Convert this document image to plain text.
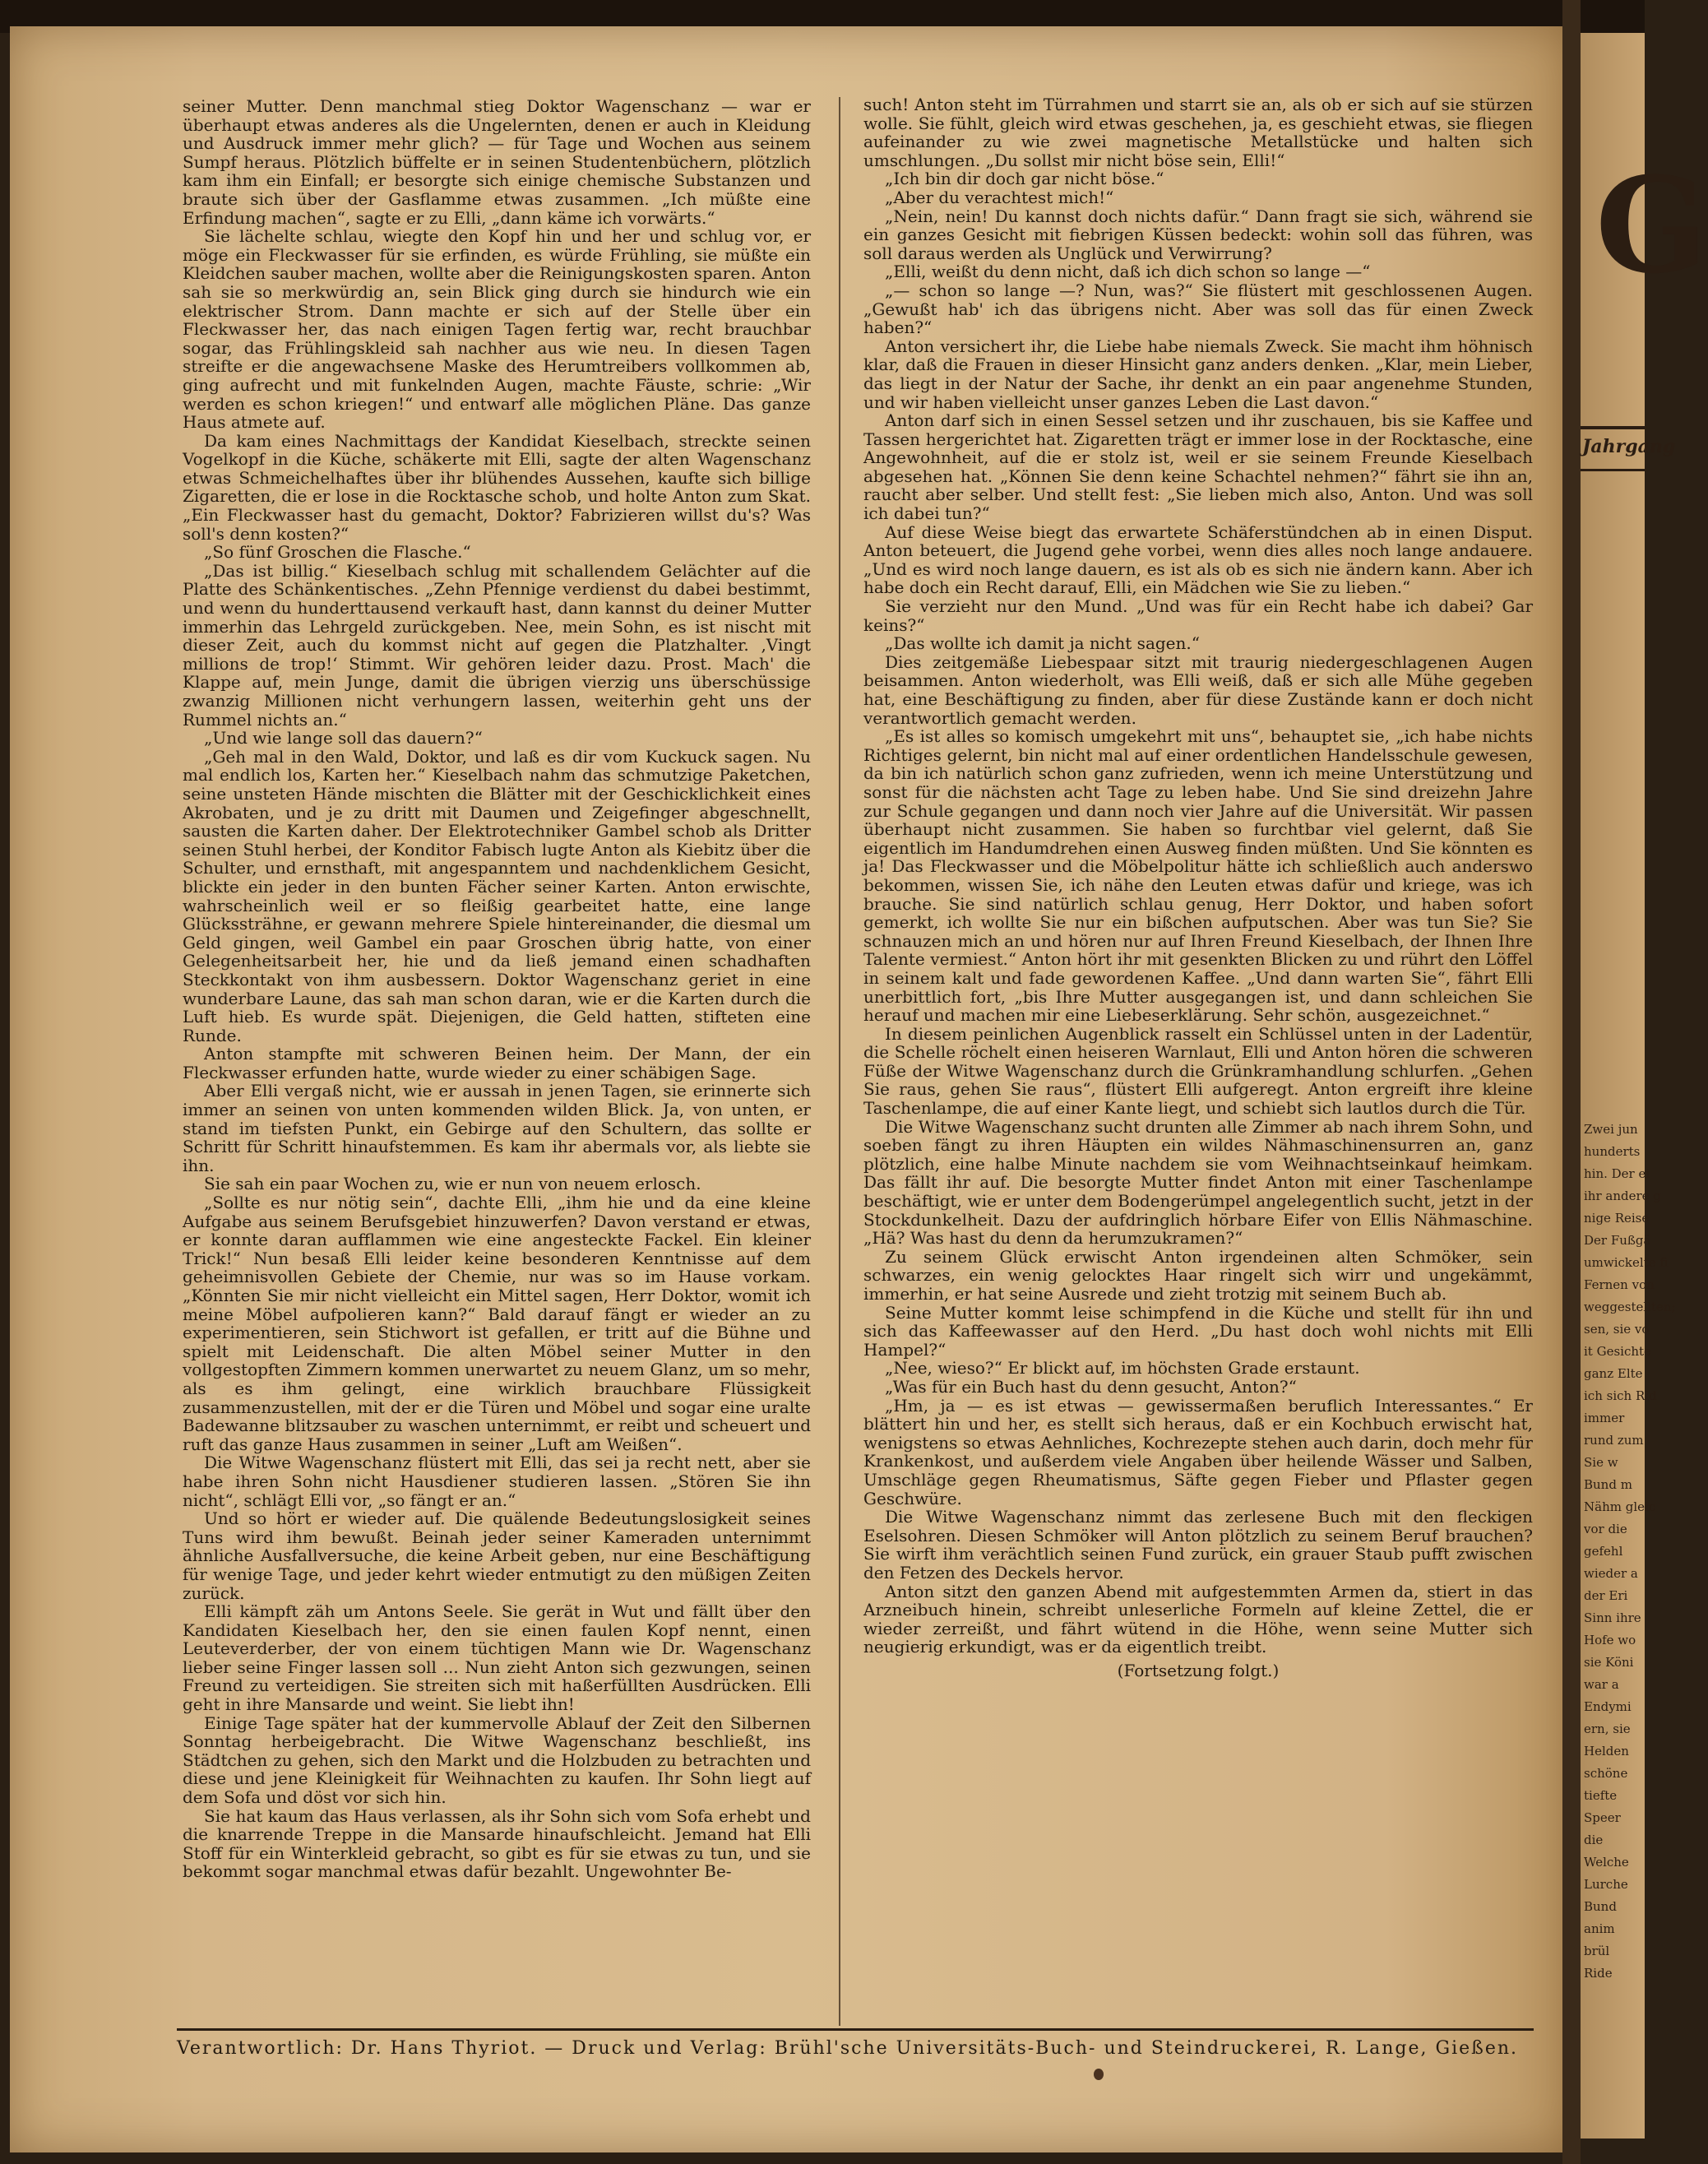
seiner Mutter. Denn manchmal stieg Doktor Wagenschanz — war er überhaupt etwas anderes als die Ungelernten, denen er auch in Kleidung und Ausdruck immer mehr glich? — für Tage und Wochen aus seinem Sumpf heraus. Plötzlich büffelte er in seinen Studentenbüchern, plötzlich kam ihm ein Einfall; er besorgte sich einige chemische Substanzen und braute sich über der Gasflamme etwas zusammen. „Ich müßte eine Erfindung machen“, sagte er zu Elli, „dann käme ich vorwärts.“

Sie lächelte schlau, wiegte den Kopf hin und her und schlug vor, er möge ein Fleckwasser für sie erfinden, es würde Frühling, sie müßte ein Kleidchen sauber machen, wollte aber die Reinigungskosten sparen. Anton sah sie so merkwürdig an, sein Blick ging durch sie hindurch wie ein elektrischer Strom. Dann machte er sich auf der Stelle über ein Fleckwasser her, das nach einigen Tagen fertig war, recht brauchbar sogar, das Frühlingskleid sah nachher aus wie neu. In diesen Tagen streifte er die angewachsene Maske des Herumtreibers vollkommen ab, ging aufrecht und mit funkelnden Augen, machte Fäuste, schrie: „Wir werden es schon kriegen!“ und entwarf alle möglichen Pläne. Das ganze Haus atmete auf.

Da kam eines Nachmittags der Kandidat Kieselbach, streckte seinen Vogelkopf in die Küche, schäkerte mit Elli, sagte der alten Wagenschanz etwas Schmeichelhaftes über ihr blühendes Aussehen, kaufte sich billige Zigaretten, die er lose in die Rocktasche schob, und holte Anton zum Skat. „Ein Fleckwasser hast du gemacht, Doktor? Fabrizieren willst du's? Was soll's denn kosten?“

„So fünf Groschen die Flasche.“

„Das ist billig.“ Kieselbach schlug mit schallendem Gelächter auf die Platte des Schänkentisches. „Zehn Pfennige verdienst du dabei bestimmt, und wenn du hunderttausend verkauft hast, dann kannst du deiner Mutter immerhin das Lehrgeld zurückgeben. Nee, mein Sohn, es ist nischt mit dieser Zeit, auch du kommst nicht auf gegen die Platzhalter. ‚Vingt millions de trop!‘ Stimmt. Wir gehören leider dazu. Prost. Mach' die Klappe auf, mein Junge, damit die übrigen vierzig uns überschüssige zwanzig Millionen nicht verhungern lassen, weiterhin geht uns der Rummel nichts an.“

„Und wie lange soll das dauern?“

„Geh mal in den Wald, Doktor, und laß es dir vom Kuckuck sagen. Nu mal endlich los, Karten her.“ Kieselbach nahm das schmutzige Paketchen, seine unsteten Hände mischten die Blätter mit der Geschicklichkeit eines Akrobaten, und je zu dritt mit Daumen und Zeigefinger abgeschnellt, sausten die Karten daher. Der Elektrotechniker Gambel schob als Dritter seinen Stuhl herbei, der Konditor Fabisch lugte Anton als Kiebitz über die Schulter, und ernsthaft, mit angespanntem und nachdenklichem Gesicht, blickte ein jeder in den bunten Fächer seiner Karten. Anton erwischte, wahrscheinlich weil er so fleißig gearbeitet hatte, eine lange Glückssträhne, er gewann mehrere Spiele hintereinander, die diesmal um Geld gingen, weil Gambel ein paar Groschen übrig hatte, von einer Gelegenheitsarbeit her, hie und da ließ jemand einen schadhaften Steckkontakt von ihm ausbessern. Doktor Wagenschanz geriet in eine wunderbare Laune, das sah man schon daran, wie er die Karten durch die Luft hieb. Es wurde spät. Diejenigen, die Geld hatten, stifteten eine Runde.

Anton stampfte mit schweren Beinen heim. Der Mann, der ein Fleckwasser erfunden hatte, wurde wieder zu einer schäbigen Sage.

Aber Elli vergaß nicht, wie er aussah in jenen Tagen, sie erinnerte sich immer an seinen von unten kommenden wilden Blick. Ja, von unten, er stand im tiefsten Punkt, ein Gebirge auf den Schultern, das sollte er Schritt für Schritt hinaufstemmen. Es kam ihr abermals vor, als liebte sie ihn.

Sie sah ein paar Wochen zu, wie er nun von neuem erlosch.

„Sollte es nur nötig sein“, dachte Elli, „ihm hie und da eine kleine Aufgabe aus seinem Berufsgebiet hinzuwerfen? Davon verstand er etwas, er konnte daran aufflammen wie eine angesteckte Fackel. Ein kleiner Trick!“ Nun besaß Elli leider keine besonderen Kenntnisse auf dem geheimnisvollen Gebiete der Chemie, nur was so im Hause vorkam. „Könnten Sie mir nicht vielleicht ein Mittel sagen, Herr Doktor, womit ich meine Möbel aufpolieren kann?“ Bald darauf fängt er wieder an zu experimentieren, sein Stichwort ist gefallen, er tritt auf die Bühne und spielt mit Leidenschaft. Die alten Möbel seiner Mutter in den vollgestopften Zimmern kommen unerwartet zu neuem Glanz, um so mehr, als es ihm gelingt, eine wirklich brauchbare Flüssigkeit zusammenzustellen, mit der er die Türen und Möbel und sogar eine uralte Badewanne blitzsauber zu waschen unternimmt, er reibt und scheuert und ruft das ganze Haus zusammen in seiner „Luft am Weißen“.

Die Witwe Wagenschanz flüstert mit Elli, das sei ja recht nett, aber sie habe ihren Sohn nicht Hausdiener studieren lassen. „Stören Sie ihn nicht“, schlägt Elli vor, „so fängt er an.“

Und so hört er wieder auf. Die quälende Bedeutungslosigkeit seines Tuns wird ihm bewußt. Beinah jeder seiner Kameraden unternimmt ähnliche Ausfallversuche, die keine Arbeit geben, nur eine Beschäftigung für wenige Tage, und jeder kehrt wieder entmutigt zu den müßigen Zeiten zurück.

Elli kämpft zäh um Antons Seele. Sie gerät in Wut und fällt über den Kandidaten Kieselbach her, den sie einen faulen Kopf nennt, einen Leuteverderber, der von einem tüchtigen Mann wie Dr. Wagenschanz lieber seine Finger lassen soll ... Nun zieht Anton sich gezwungen, seinen Freund zu verteidigen. Sie streiten sich mit haßerfüllten Ausdrücken. Elli geht in ihre Mansarde und weint. Sie liebt ihn!

Einige Tage später hat der kummervolle Ablauf der Zeit den Silbernen Sonntag herbeigebracht. Die Witwe Wagenschanz beschließt, ins Städtchen zu gehen, sich den Markt und die Holzbuden zu betrachten und diese und jene Kleinigkeit für Weihnachten zu kaufen. Ihr Sohn liegt auf dem Sofa und döst vor sich hin.

Sie hat kaum das Haus verlassen, als ihr Sohn sich vom Sofa erhebt und die knarrende Treppe in die Mansarde hinaufschleicht. Jemand hat Elli Stoff für ein Winterkleid gebracht, so gibt es für sie etwas zu tun, und sie bekommt sogar manchmal etwas dafür bezahlt. Ungewohnter Be-

such! Anton steht im Türrahmen und starrt sie an, als ob er sich auf sie stürzen wolle. Sie fühlt, gleich wird etwas geschehen, ja, es geschieht etwas, sie fliegen aufeinander zu wie zwei magnetische Metallstücke und halten sich umschlungen. „Du sollst mir nicht böse sein, Elli!“

„Ich bin dir doch gar nicht böse.“

„Aber du verachtest mich!“

„Nein, nein! Du kannst doch nichts dafür.“ Dann fragt sie sich, während sie ein ganzes Gesicht mit fiebrigen Küssen bedeckt: wohin soll das führen, was soll daraus werden als Unglück und Verwirrung?

„Elli, weißt du denn nicht, daß ich dich schon so lange —“

„— schon so lange —? Nun, was?“ Sie flüstert mit geschlossenen Augen. „Gewußt hab' ich das übrigens nicht. Aber was soll das für einen Zweck haben?“

Anton versichert ihr, die Liebe habe niemals Zweck. Sie macht ihm höhnisch klar, daß die Frauen in dieser Hinsicht ganz anders denken. „Klar, mein Lieber, das liegt in der Natur der Sache, ihr denkt an ein paar angenehme Stunden, und wir haben vielleicht unser ganzes Leben die Last davon.“

Anton darf sich in einen Sessel setzen und ihr zuschauen, bis sie Kaffee und Tassen hergerichtet hat. Zigaretten trägt er immer lose in der Rocktasche, eine Angewohnheit, auf die er stolz ist, weil er sie seinem Freunde Kieselbach abgesehen hat. „Können Sie denn keine Schachtel nehmen?“ fährt sie ihn an, raucht aber selber. Und stellt fest: „Sie lieben mich also, Anton. Und was soll ich dabei tun?“

Auf diese Weise biegt das erwartete Schäferstündchen ab in einen Disput. Anton beteuert, die Jugend gehe vorbei, wenn dies alles noch lange andauere. „Und es wird noch lange dauern, es ist als ob es sich nie ändern kann. Aber ich habe doch ein Recht darauf, Elli, ein Mädchen wie Sie zu lieben.“

Sie verzieht nur den Mund. „Und was für ein Recht habe ich dabei? Gar keins?“

„Das wollte ich damit ja nicht sagen.“

Dies zeitgemäße Liebespaar sitzt mit traurig niedergeschlagenen Augen beisammen. Anton wiederholt, was Elli weiß, daß er sich alle Mühe gegeben hat, eine Beschäftigung zu finden, aber für diese Zustände kann er doch nicht verantwortlich gemacht werden.

„Es ist alles so komisch umgekehrt mit uns“, behauptet sie, „ich habe nichts Richtiges gelernt, bin nicht mal auf einer ordentlichen Handelsschule gewesen, da bin ich natürlich schon ganz zufrieden, wenn ich meine Unterstützung und sonst für die nächsten acht Tage zu leben habe. Und Sie sind dreizehn Jahre zur Schule gegangen und dann noch vier Jahre auf die Universität. Wir passen überhaupt nicht zusammen. Sie haben so furchtbar viel gelernt, daß Sie eigentlich im Handumdrehen einen Ausweg finden müßten. Und Sie könnten es ja! Das Fleckwasser und die Möbelpolitur hätte ich schließlich auch anderswo bekommen, wissen Sie, ich nähe den Leuten etwas dafür und kriege, was ich brauche. Sie sind natürlich schlau genug, Herr Doktor, und haben sofort gemerkt, ich wollte Sie nur ein bißchen aufputschen. Aber was tun Sie? Sie schnauzen mich an und hören nur auf Ihren Freund Kieselbach, der Ihnen Ihre Talente vermiest.“ Anton hört ihr mit gesenkten Blicken zu und rührt den Löffel in seinem kalt und fade gewordenen Kaffee. „Und dann warten Sie“, fährt Elli unerbittlich fort, „bis Ihre Mutter ausgegangen ist, und dann schleichen Sie herauf und machen mir eine Liebeserklärung. Sehr schön, ausgezeichnet.“

In diesem peinlichen Augenblick rasselt ein Schlüssel unten in der Ladentür, die Schelle röchelt einen heiseren Warnlaut, Elli und Anton hören die schweren Füße der Witwe Wagenschanz durch die Grünkramhandlung schlurfen. „Gehen Sie raus, gehen Sie raus“, flüstert Elli aufgeregt. Anton ergreift ihre kleine Taschenlampe, die auf einer Kante liegt, und schiebt sich lautlos durch die Tür.

Die Witwe Wagenschanz sucht drunten alle Zimmer ab nach ihrem Sohn, und soeben fängt zu ihren Häupten ein wildes Nähmaschinensurren an, ganz plötzlich, eine halbe Minute nachdem sie vom Weihnachtseinkauf heimkam. Das fällt ihr auf. Die besorgte Mutter findet Anton mit einer Taschenlampe beschäftigt, wie er unter dem Bodengerümpel angelegentlich sucht, jetzt in der Stockdunkelheit. Dazu der aufdringlich hörbare Eifer von Ellis Nähmaschine. „Hä? Was hast du denn da herumzukramen?“

Zu seinem Glück erwischt Anton irgendeinen alten Schmöker, sein schwarzes, ein wenig gelocktes Haar ringelt sich wirr und ungekämmt, immerhin, er hat seine Ausrede und zieht trotzig mit seinem Buch ab.

Seine Mutter kommt leise schimpfend in die Küche und stellt für ihn und sich das Kaffeewasser auf den Herd. „Du hast doch wohl nichts mit Elli Hampel?“

„Nee, wieso?“ Er blickt auf, im höchsten Grade erstaunt.

„Was für ein Buch hast du denn gesucht, Anton?“

„Hm, ja — es ist etwas — gewissermaßen beruflich Interessantes.“ Er blättert hin und her, es stellt sich heraus, daß er ein Kochbuch erwischt hat, wenigstens so etwas Aehnliches, Kochrezepte stehen auch darin, doch mehr für Krankenkost, und außerdem viele Angaben über heilende Wässer und Salben, Umschläge gegen Rheumatismus, Säfte gegen Fieber und Pflaster gegen Geschwüre.

Die Witwe Wagenschanz nimmt das zerlesene Buch mit den fleckigen Eselsohren. Diesen Schmöker will Anton plötzlich zu seinem Beruf brauchen? Sie wirft ihm verächtlich seinen Fund zurück, ein grauer Staub pufft zwischen den Fetzen des Deckels hervor.

Anton sitzt den ganzen Abend mit aufgestemmten Armen da, stiert in das Arzneibuch hinein, schreibt unleserliche Formeln auf kleine Zettel, die er wieder zerreißt, und fährt wütend in die Höhe, wenn seine Mutter sich neugierig erkundigt, was er da eigentlich treibt.

(Fortsetzung folgt.)

Verantwortlich: Dr. Hans Thyriot. — Druck und Verlag: Brühl'sche Universitäts-Buch- und Steindruckerei, R. Lange, Gießen.
G
Jahrgang
Zwei jun
hunderts
hin. Der ei
ihr andere g
nige Reise
Der Fußgä
umwickelte fi
Fernen von
weggestellten;
sen, sie vo
it Gesichte
ganz Elte
ich sich Rid
immer
rund zum
Sie w
Bund m
Nähm gleic
vor die
gefehl
wieder a
der Eri
Sinn ihre
Hofe wo
sie Köni
war a
Endymi
ern, sie
Helden
schöne
tiefte
Speer
die
Welche
Lurche
Bund
anim
brül
Ride
